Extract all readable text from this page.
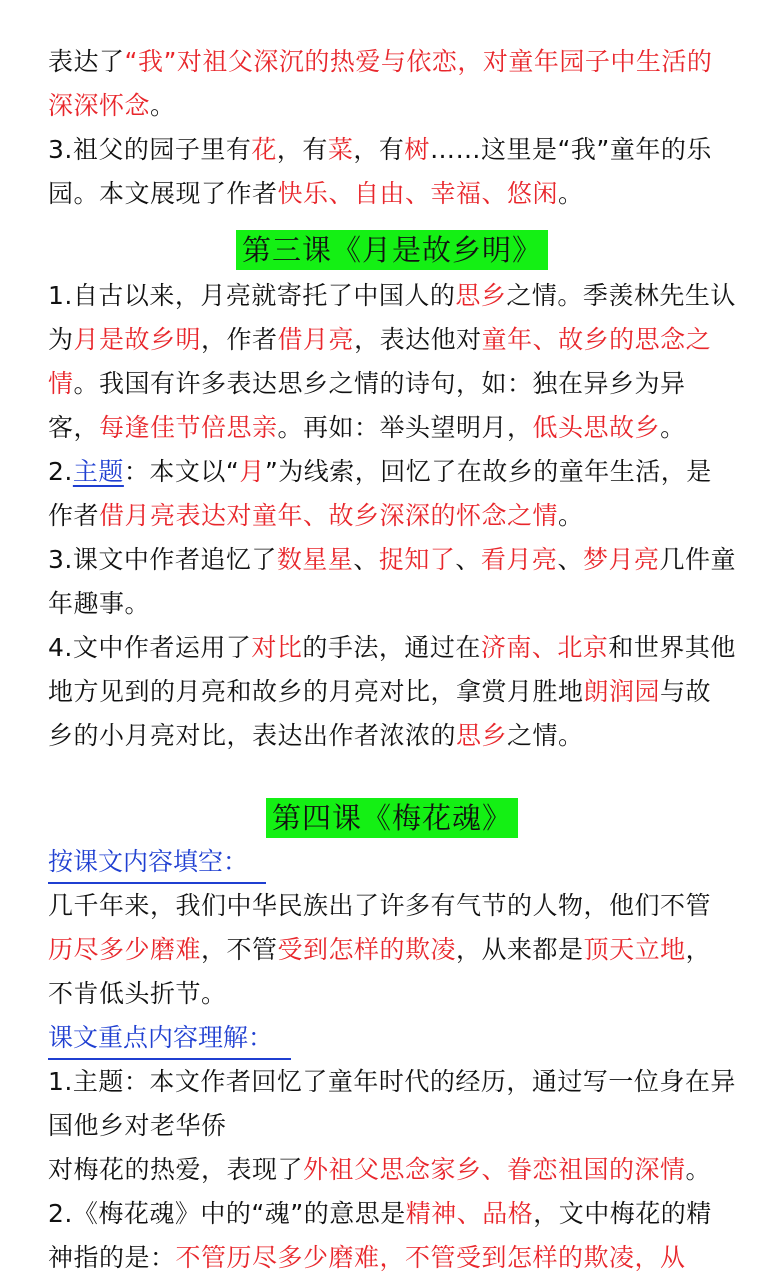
表达了“我”对祖父深沉的热爱与依恋，对童年园子中生活的深深怀念。

3.祖父的园子里有花，有菜，有树……这里是“我”童年的乐园。本文展现了作者快乐、自由、幸福、悠闲。

第三课《月是故乡明》

1.自古以来，月亮就寄托了中国人的思乡之情。季羡林先生认为月是故乡明，作者借月亮，表达他对童年、故乡的思念之情。我国有许多表达思乡之情的诗句，如：独在异乡为异客，每逢佳节倍思亲。再如：举头望明月，低头思故乡。

2.主题：本文以“月”为线索，回忆了在故乡的童年生活，是作者借月亮表达对童年、故乡深深的怀念之情。

3.课文中作者追忆了数星星、捉知了、看月亮、梦月亮几件童年趣事。

4.文中作者运用了对比的手法，通过在济南、北京和世界其他地方见到的月亮和故乡的月亮对比，拿赏月胜地朗润园与故乡的小月亮对比，表达出作者浓浓的思乡之情。

第四课《梅花魂》
按课文内容填空：

几千年来，我们中华民族出了许多有气节的人物，他们不管历尽多少磨难，不管受到怎样的欺凌，从来都是顶天立地，不肯低头折节。

课文重点内容理解：

1.主题：本文作者回忆了童年时代的经历，通过写一位身在异国他乡对老华侨

对梅花的热爱，表现了外祖父思念家乡、眷恋祖国的深情。

2.《梅花魂》中的“魂”的意思是精神、品格，文中梅花的精神指的是：不管历尽多少磨难，不管受到怎样的欺凌，从
